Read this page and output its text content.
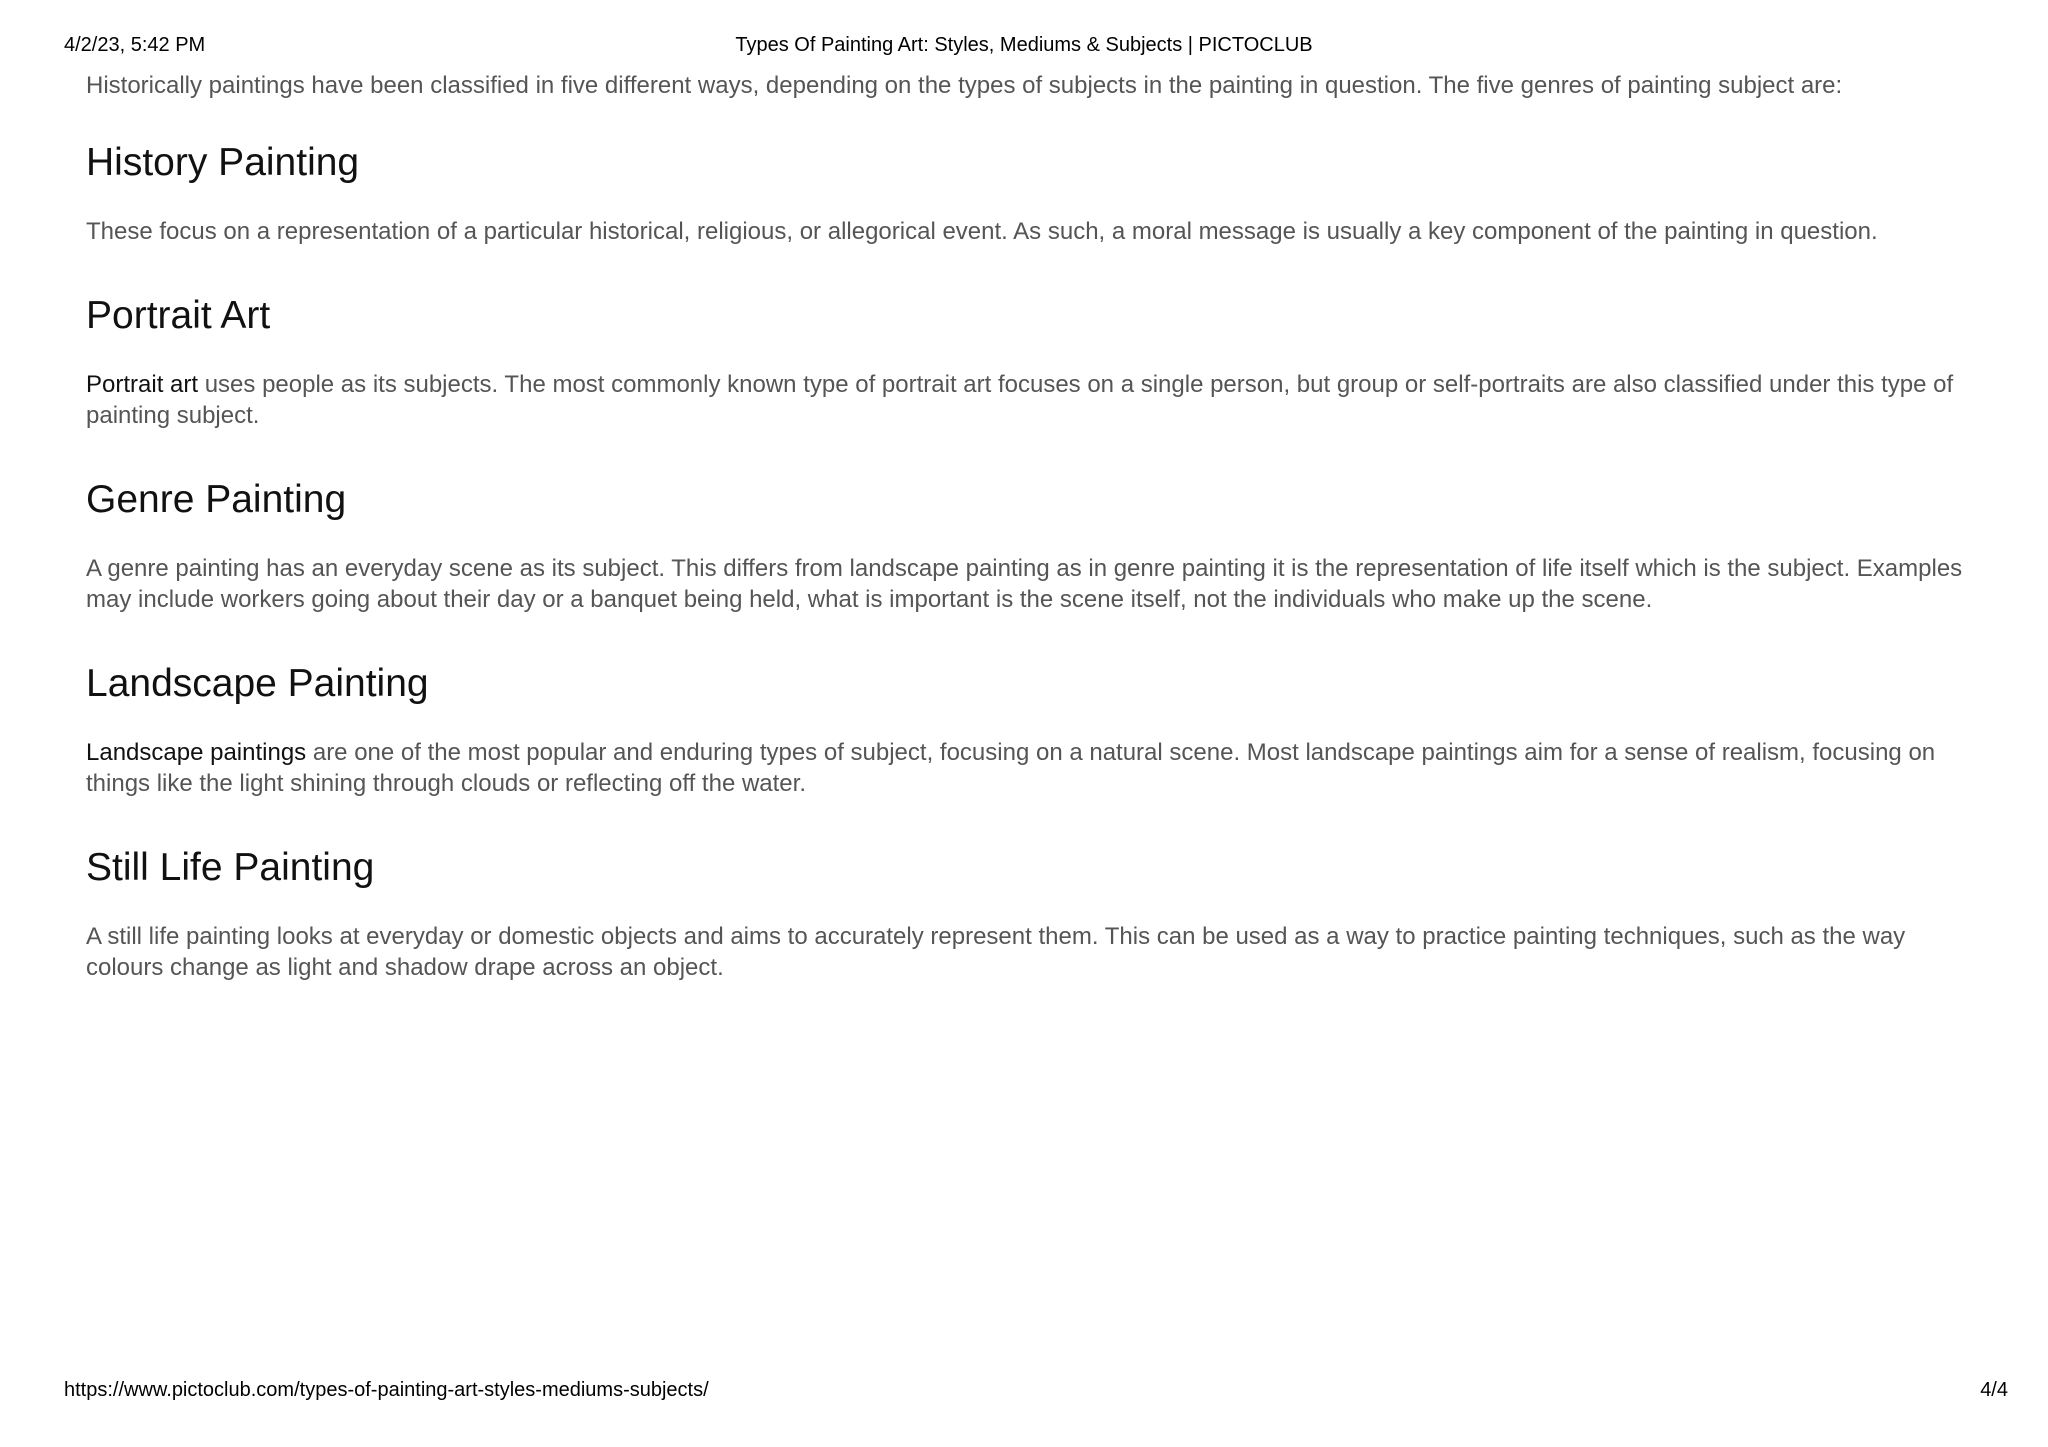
4/2/23, 5:42 PM	Types Of Painting Art: Styles, Mediums & Subjects | PICTOCLUB

Historically paintings have been classified in five different ways, depending on the types of subjects in the painting in question. The five genres of painting subject are:

History Painting

These focus on a representation of a particular historical, religious, or allegorical event. As such, a moral message is usually a key component of the painting in question.

Portrait Art

Portrait art uses people as its subjects. The most commonly known type of portrait art focuses on a single person, but group or self-portraits are also classified under this type of painting subject.

Genre Painting

A genre painting has an everyday scene as its subject. This differs from landscape painting as in genre painting it is the representation of life itself which is the subject. Examples may include workers going about their day or a banquet being held, what is important is the scene itself, not the individuals who make up the scene.

Landscape Painting

Landscape paintings are one of the most popular and enduring types of subject, focusing on a natural scene. Most landscape paintings aim for a sense of realism, focusing on things like the light shining through clouds or reflecting off the water.

Still Life Painting

A still life painting looks at everyday or domestic objects and aims to accurately represent them. This can be used as a way to practice painting techniques, such as the way colours change as light and shadow drape across an object.

https://www.pictoclub.com/types-of-painting-art-styles-mediums-subjects/	4/4
